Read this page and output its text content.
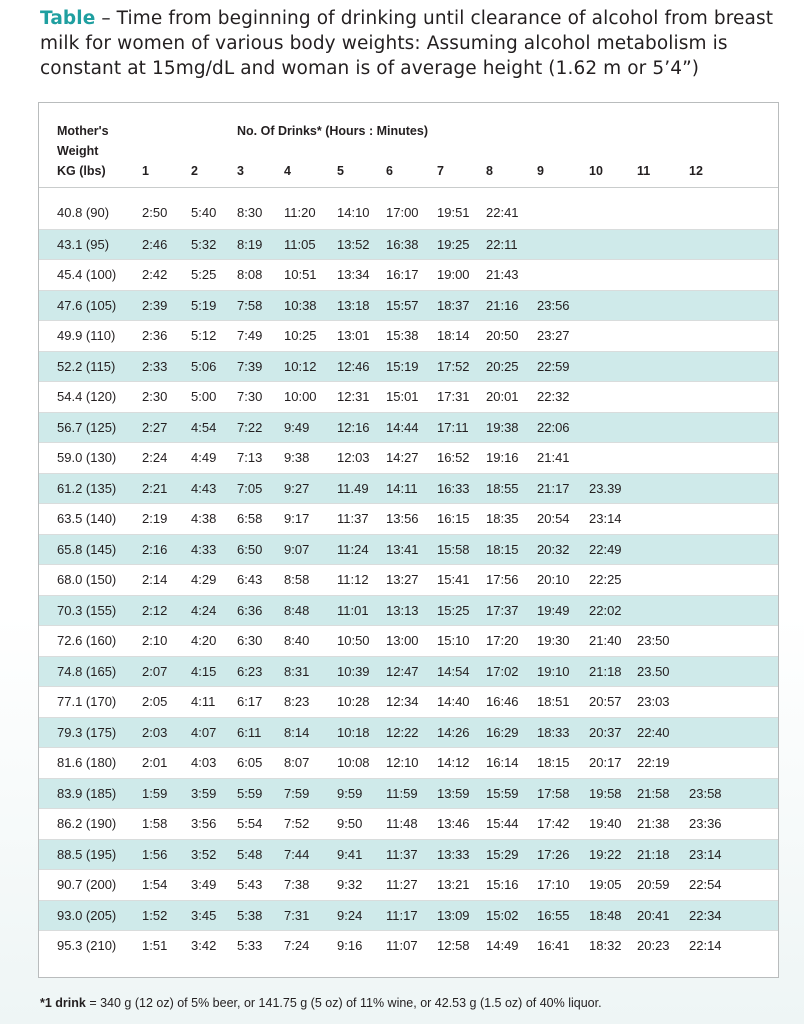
Table – Time from beginning of drinking until clearance of alcohol from breast milk for women of various body weights: Assuming alcohol metabolism is constant at 15mg/dL and woman is of average height (1.62 m or 5’4”)
Mother's
Weight
KG (lbs)
No. Of Drinks* (Hours : Minutes)
1	2	3	4	5	6	7	8	9	10	11	12
40.8 (90)	2:50 5:40 8:30 11:20 14:10 17:00 19:51 22:41
43.1 (95)	2:46 5:32 8:19 11:05 13:52 16:38 19:25 22:11
45.4 (100) 2:42 5:25 8:08 10:51 13:34 16:17 19:00 21:43
47.6 (105) 2:39 5:19 7:58 10:38 13:18 15:57 18:37 21:16 23:56
49.9 (110) 2:36 5:12 7:49 10:25 13:01 15:38 18:14 20:50 23:27
52.2 (115) 2:33 5:06 7:39 10:12 12:46 15:19 17:52 20:25 22:59
54.4 (120) 2:30 5:00 7:30 10:00 12:31 15:01 17:31 20:01 22:32
56.7 (125) 2:27 4:54 7:22 9:49 12:16 14:44 17:11 19:38 22:06
59.0 (130) 2:24 4:49 7:13 9:38 12:03 14:27 16:52 19:16 21:41
61.2 (135) 2:21 4:43 7:05 9:27 11.49 14:11 16:33 18:55 21:17 23.39
63.5 (140) 2:19 4:38 6:58 9:17 11:37 13:56 16:15 18:35 20:54 23:14
65.8 (145) 2:16 4:33 6:50 9:07 11:24 13:41 15:58 18:15 20:32 22:49
68.0 (150) 2:14 4:29 6:43 8:58 11:12 13:27 15:41 17:56 20:10 22:25
70.3 (155) 2:12 4:24 6:36 8:48 11:01 13:13 15:25 17:37 19:49 22:02
72.6 (160) 2:10 4:20 6:30 8:40 10:50 13:00 15:10 17:20 19:30 21:40 23:50
74.8 (165) 2:07 4:15 6:23 8:31 10:39 12:47 14:54 17:02 19:10 21:18 23.50
77.1 (170) 2:05 4:11 6:17 8:23 10:28 12:34 14:40 16:46 18:51 20:57 23:03
79.3 (175) 2:03 4:07 6:11 8:14 10:18 12:22 14:26 16:29 18:33 20:37 22:40
81.6 (180) 2:01 4:03 6:05 8:07 10:08 12:10 14:12 16:14 18:15 20:17 22:19
83.9 (185) 1:59 3:59 5:59 7:59 9:59 11:59 13:59 15:59 17:58 19:58 21:58 23:58
86.2 (190) 1:58 3:56 5:54 7:52 9:50 11:48 13:46 15:44 17:42 19:40 21:38 23:36
88.5 (195) 1:56 3:52 5:48 7:44 9:41 11:37 13:33 15:29 17:26 19:22 21:18 23:14
90.7 (200) 1:54 3:49 5:43 7:38 9:32 11:27 13:21 15:16 17:10 19:05 20:59 22:54
93.0 (205) 1:52 3:45 5:38 7:31 9:24 11:17 13:09 15:02 16:55 18:48 20:41 22:34
95.3 (210) 1:51 3:42 5:33 7:24 9:16 11:07 12:58 14:49 16:41 18:32 20:23 22:14
*1 drink = 340 g (12 oz) of 5% beer, or 141.75 g (5 oz) of 11% wine, or 42.53 g (1.5 oz) of 40% liquor.
